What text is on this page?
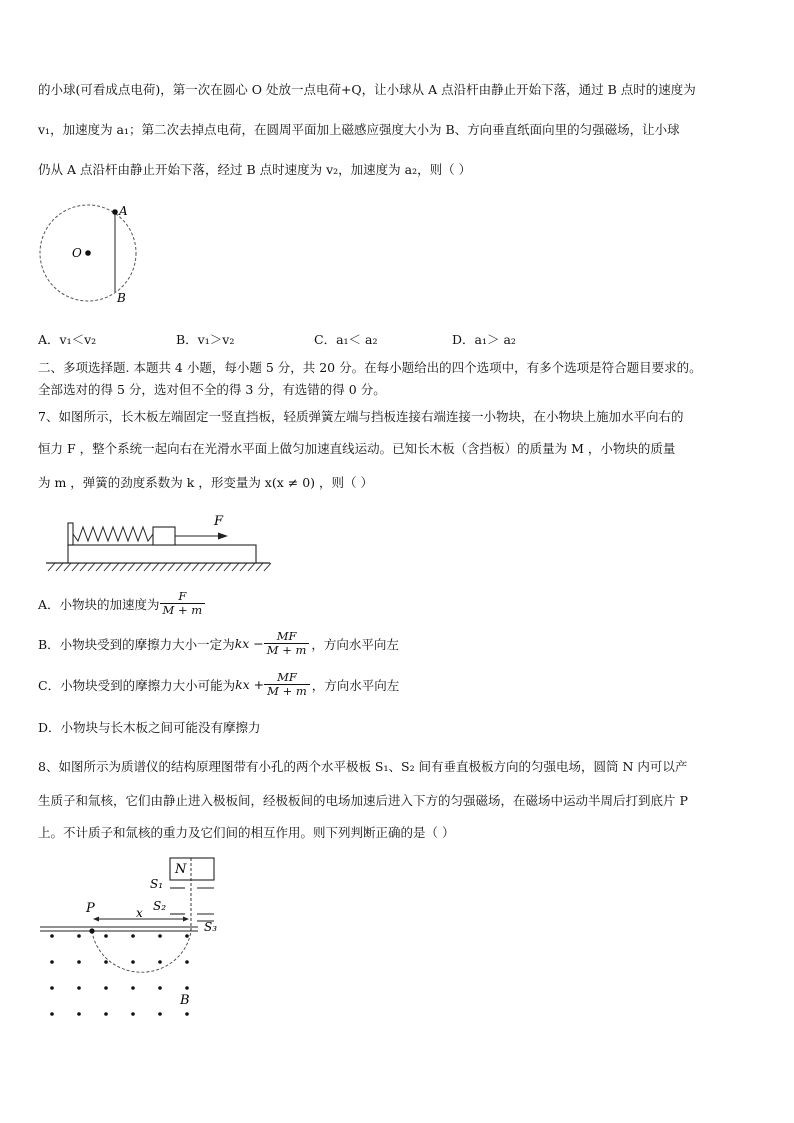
的小球(可看成点电荷)，第一次在圆心 O 处放一点电荷+Q，让小球从 A 点沿杆由静止开始下落，通过 B 点时的速度为
v₁，加速度为 a₁；第二次去掉点电荷，在圆周平面加上磁感应强度大小为 B、方向垂直纸面向里的匀强磁场，让小球
仍从 A 点沿杆由静止开始下落，经过 B 点时速度为 v₂，加速度为 a₂，则（ ）
A
B
O
A．v₁＜v₂	B．v₁＞v₂	C．a₁＜ a₂	D．a₁＞ a₂
二、多项选择题. 本题共 4 小题，每小题 5 分，共 20 分。在每小题给出的四个选项中，有多个选项是符合题目要求的。
全部选对的得 5 分，选对但不全的得 3 分，有选错的得 0 分。
7、如图所示，长木板左端固定一竖直挡板，轻质弹簧左端与挡板连接右端连接一小物块，在小物块上施加水平向右的
恒力 F ，整个系统一起向右在光滑水平面上做匀加速直线运动。已知长木板（含挡板）的质量为 M ，小物块的质量
为 m ，弹簧的劲度系数为 k ，形变量为 x(x ≠ 0) ，则（ ）
F
A．小物块的加速度为 $\frac{F}{M + m}$
B．小物块受到的摩擦力大小一定为 kx − $\frac{MF}{M + m}$ ，方向水平向左
C．小物块受到的摩擦力大小可能为 kx + $\frac{MF}{M + m}$ ，方向水平向左
D．小物块与长木板之间可能没有摩擦力
8、如图所示为质谱仪的结构原理图带有小孔的两个水平极板 S₁、S₂ 间有垂直极板方向的匀强电场，圆筒 N 内可以产
生质子和氚核，它们由静止进入极板间，经极板间的电场加速后进入下方的匀强磁场，在磁场中运动半周后打到底片 P
上。不计质子和氚核的重力及它们间的相互作用。则下列判断正确的是（ ）
N
S₁
S₂
S₃
P	x
B
